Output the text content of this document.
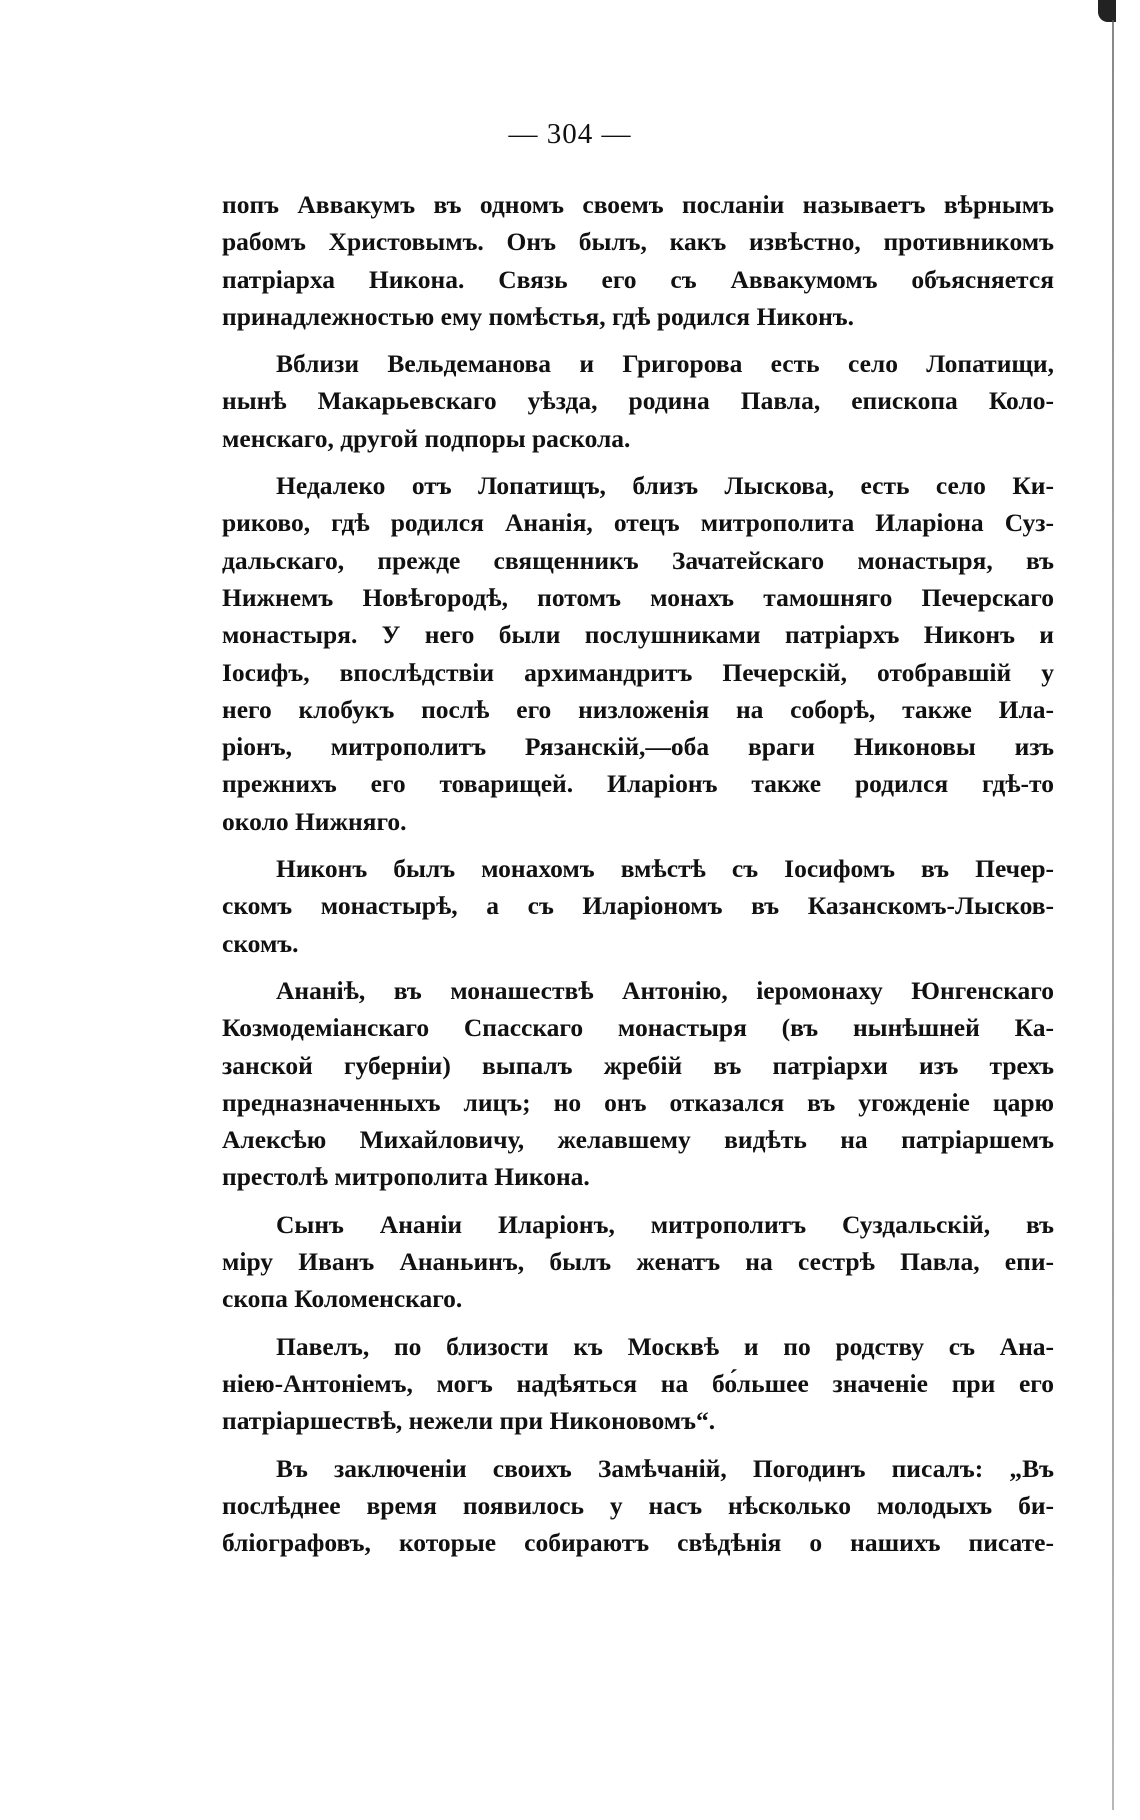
— 304 —

попъ Аввакумъ въ одномъ своемъ посланіи называетъ вѣрнымъ
рабомъ Христовымъ. Онъ былъ, какъ извѣстно, противникомъ
патріарха Никона. Связь его съ Аввакумомъ объясняется
принадлежностью ему помѣстья, гдѣ родился Никонъ.

Вблизи Вельдеманова и Григорова есть село Лопатищи,
нынѣ Макарьевскаго уѣзда, родина Павла, епископа Коло-
менскаго, другой подпоры раскола.

Недалеко отъ Лопатищъ, близъ Лыскова, есть село Ки-
риково, гдѣ родился Ананія, отецъ митрополита Иларіона Суз-
дальскаго, прежде священникъ Зачатейскаго монастыря, въ
Нижнемъ Новѣгородѣ, потомъ монахъ тамошняго Печерскаго
монастыря. У него были послушниками патріархъ Никонъ и
Іосифъ, впослѣдствіи архимандритъ Печерскій, отобравшій у
него клобукъ послѣ его низложенія на соборѣ, также Ила-
ріонъ, митрополитъ Рязанскій,—оба враги Никоновы изъ
прежнихъ его товарищей. Иларіонъ также родился гдѣ-то
около Нижняго.

Никонъ былъ монахомъ вмѣстѣ съ Іосифомъ въ Печер-
скомъ монастырѣ, а съ Иларіономъ въ Казанскомъ-Лысков-
скомъ.

Ананіѣ, въ монашествѣ Антонію, іеромонаху Юнгенскаго
Козмодеміанскаго Спасскаго монастыря (въ нынѣшней Ка-
занской губерніи) выпалъ жребій въ патріархи изъ трехъ
предназначенныхъ лицъ; но онъ отказался въ угожденіе царю
Алексѣю Михайловичу, желавшему видѣть на патріаршемъ
престолѣ митрополита Никона.

Сынъ Ананіи Иларіонъ, митрополитъ Суздальскій, въ
міру Иванъ Ананьинъ, былъ женатъ на сестрѣ Павла, епи-
скопа Коломенскаго.

Павелъ, по близости къ Москвѣ и по родству съ Ана-
ніею-Антоніемъ, могъ надѣяться на бо́льшее значеніе при его
патріаршествѣ, нежели при Никоновомъ“.

Въ заключеніи своихъ Замѣчаній, Погодинъ писалъ: „Въ
послѣднее время появилось у насъ нѣсколько молодыхъ би-
бліографовъ, которые собираютъ свѣдѣнія о нашихъ писате-
